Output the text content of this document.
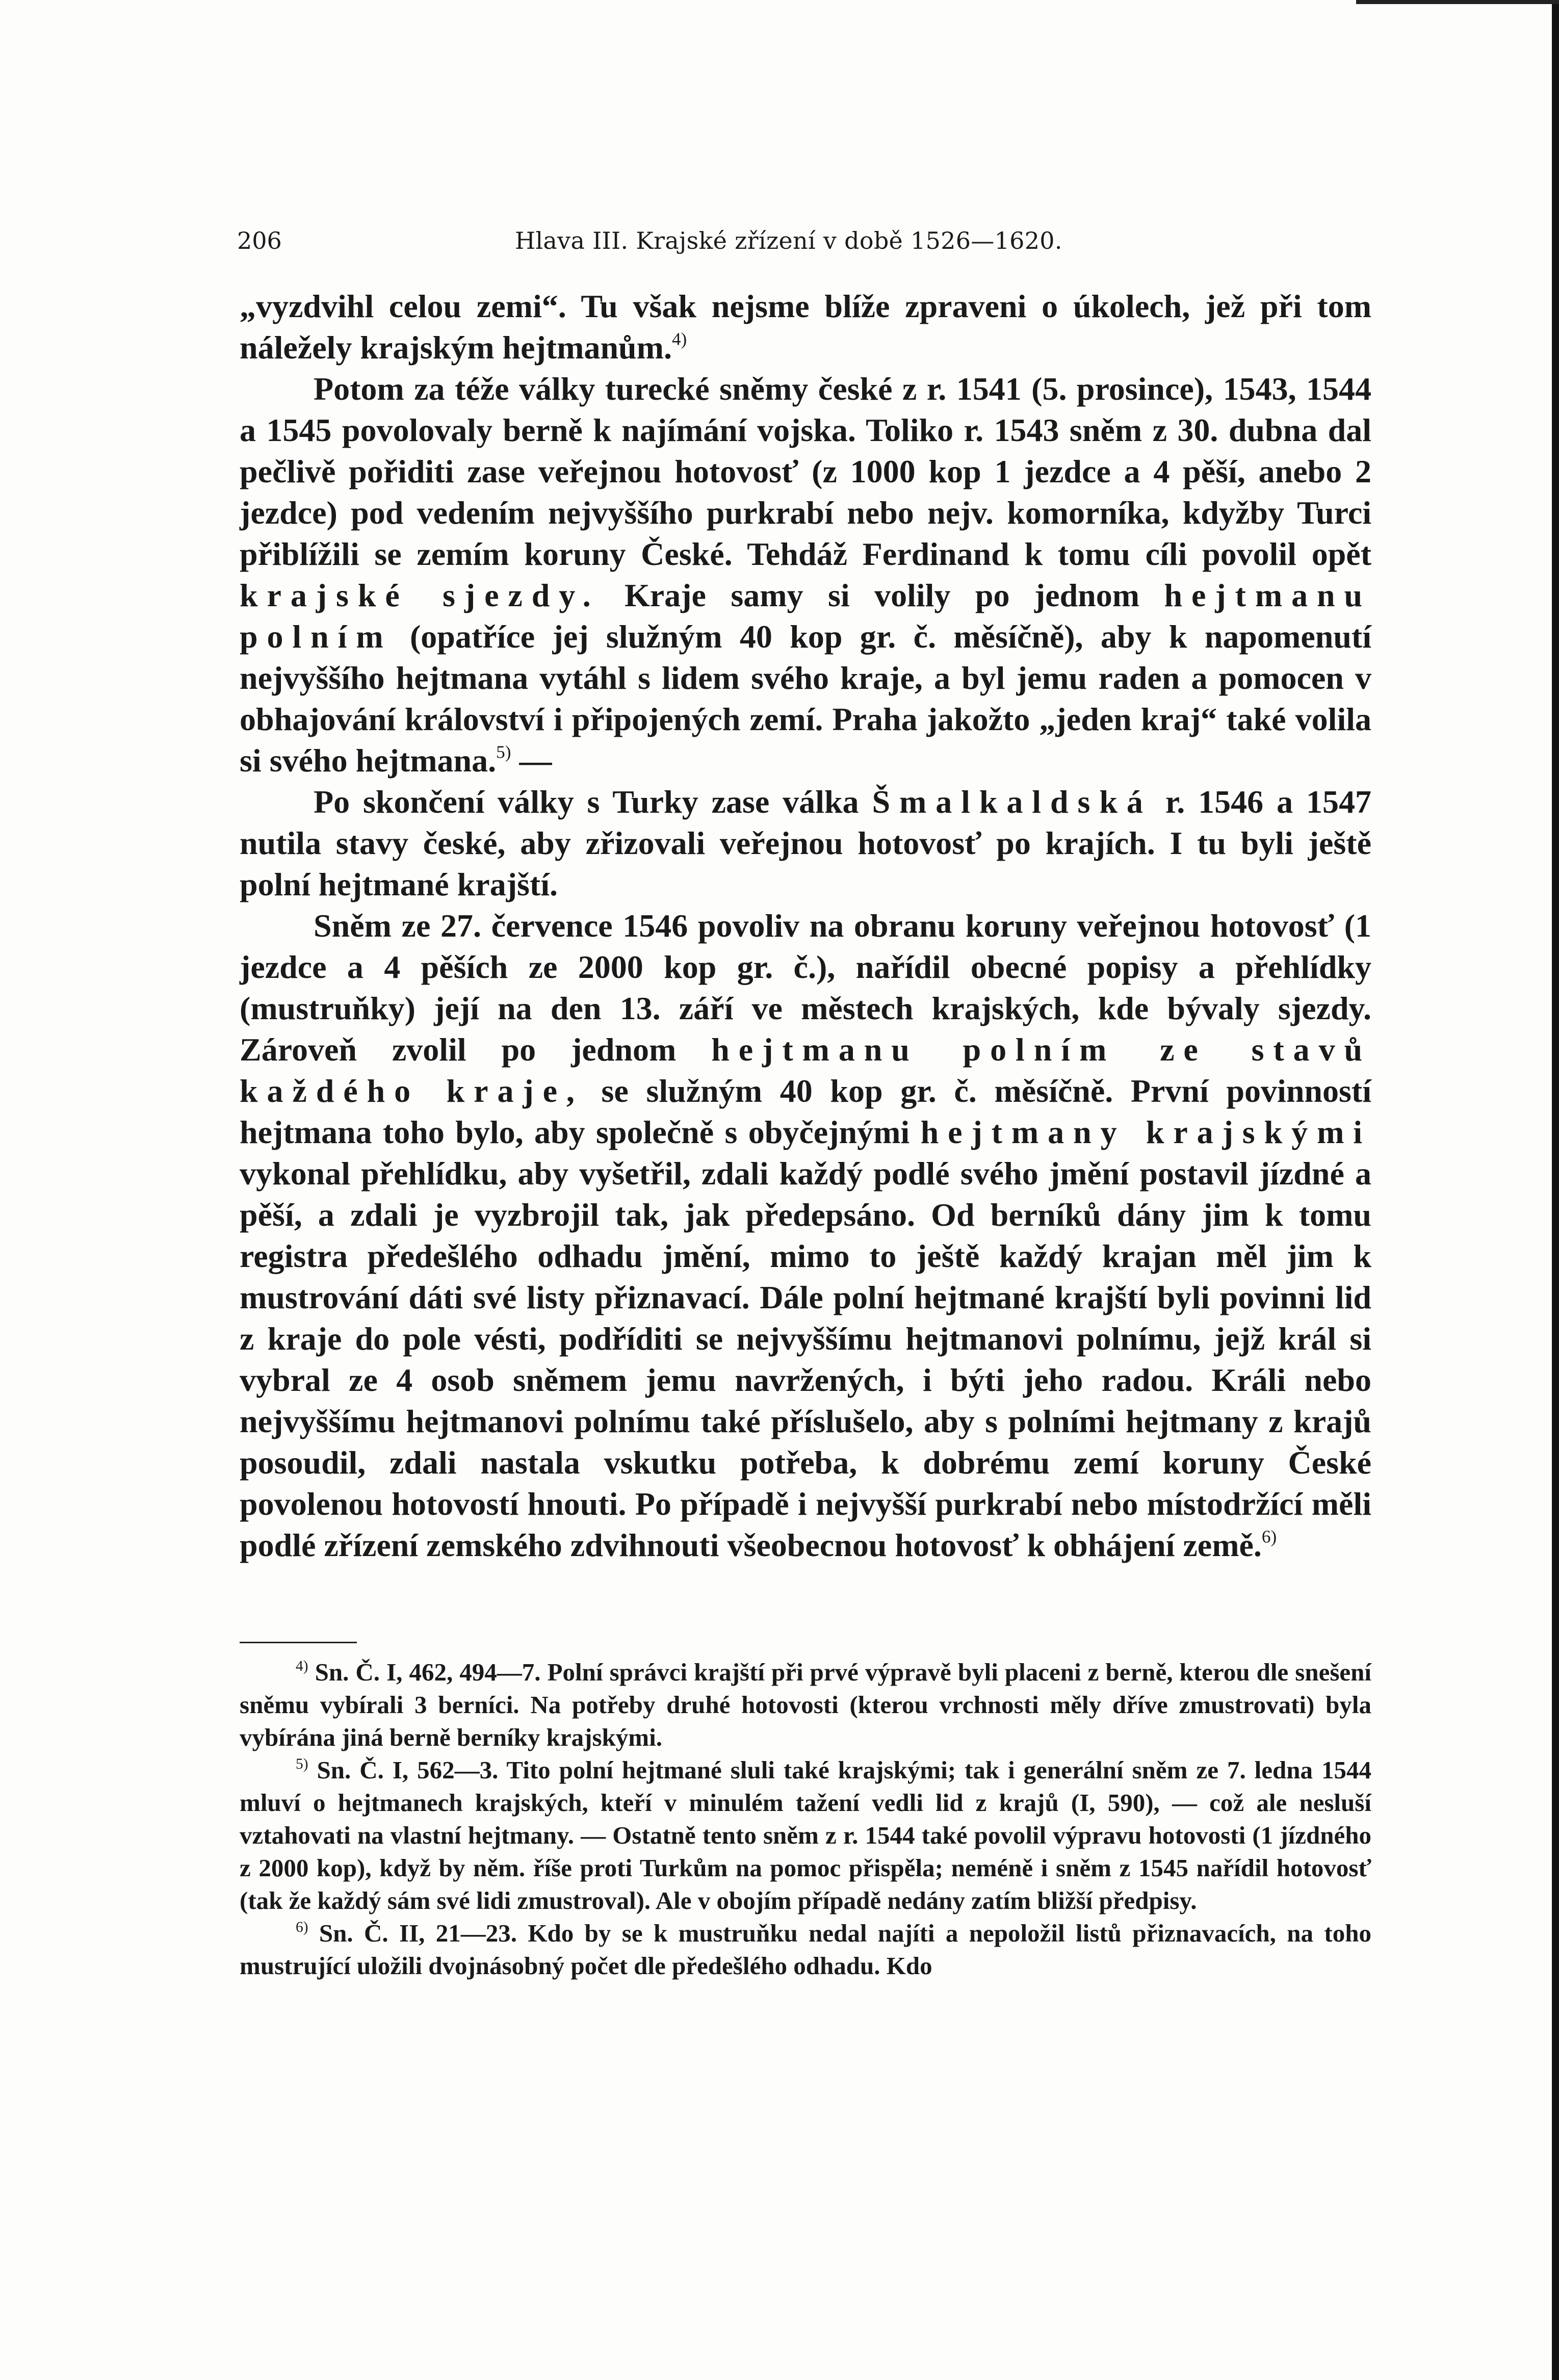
206	Hlava III. Krajské zřízení v době 1526—1620.

„vyzdvihl celou zemi“. Tu však nejsme blíže zpraveni o úkolech, jež při tom náležely krajským hejtmanům.$^{4)}$

Potom za téže války turecké sněmy české z r. 1541 (5. prosince), 1543, 1544 a 1545 povolovaly berně k najímání vojska. Toliko r. 1543 sněm z 30. dubna dal pečlivě pořiditi zase veřejnou hotovosť (z 1000 kop 1 jezdce a 4 pěší, anebo 2 jezdce) pod vedením nejvyššího purkrabí nebo nejv. komorníka, kdyžby Turci přiblížili se zemím koruny České. Tehdáž Ferdinand k tomu cíli povolil opět krajské sjezdy. Kraje samy si volily po jednom hejtmanu polním (opatříce jej služným 40 kop gr. č. měsíčně), aby k napomenutí nejvyššího hejtmana vytáhl s lidem svého kraje, a byl jemu raden a pomocen v obhajování království i připojených zemí. Praha jakožto „jeden kraj“ také volila si svého hejtmana.$^{5)}$ —

Po skončení války s Turky zase válka Šmalkaldská r. 1546 a 1547 nutila stavy české, aby zřizovali veřejnou hotovosť po krajích. I tu byli ještě polní hejtmané krajští.

Sněm ze 27. července 1546 povoliv na obranu koruny veřejnou hotovosť (1 jezdce a 4 pěších ze 2000 kop gr. č.), nařídil obecné popisy a přehlídky (mustruňky) její na den 13. září ve městech krajských, kde bývaly sjezdy. Zároveň zvolil po jednom hejtmanu polním ze stavů každého kraje, se služným 40 kop gr. č. měsíčně. První povinností hejtmana toho bylo, aby společně s obyčejnými hejtmany krajskými vykonal přehlídku, aby vyšetřil, zdali každý podlé svého jmění postavil jízdné a pěší, a zdali je vyzbrojil tak, jak předepsáno. Od berníků dány jim k tomu registra předešlého odhadu jmění, mimo to ještě každý krajan měl jim k mustrování dáti své listy přiznavací. Dále polní hejtmané krajští byli povinni lid z kraje do pole vésti, podříditi se nejvyššímu hejtmanovi polnímu, jejž král si vybral ze 4 osob sněmem jemu navržených, i býti jeho radou. Králi nebo nejvyššímu hejtmanovi polnímu také příslušelo, aby s polními hejtmany z krajů posoudil, zdali nastala vskutku potřeba, k dobrému zemí koruny České povolenou hotovostí hnouti. Po případě i nejvyšší purkrabí nebo místodržící měli podlé zřízení zemského zdvihnouti všeobecnou hotovosť k obhájení země.$^{6)}$

$^{4)}$ Sn. Č. I, 462, 494—7. Polní správci krajští při prvé výpravě byli placeni z berně, kterou dle snešení sněmu vybírali 3 berníci. Na potřeby druhé hotovosti (kterou vrchnosti měly dříve zmustrovati) byla vybírána jiná berně berníky krajskými.

$^{5)}$ Sn. Č. I, 562—3. Tito polní hejtmané sluli také krajskými; tak i generální sněm ze 7. ledna 1544 mluví o hejtmanech krajských, kteří v minulém tažení vedli lid z krajů (I, 590), — což ale nesluší vztahovati na vlastní hejtmany. — Ostatně tento sněm z r. 1544 také povolil výpravu hotovosti (1 jízdného z 2000 kop), když by něm. říše proti Turkům na pomoc přispěla; neméně i sněm z 1545 nařídil hotovosť (tak že každý sám své lidi zmustroval). Ale v obojím případě nedány zatím bližší předpisy.

$^{6)}$ Sn. Č. II, 21—23. Kdo by se k mustruňku nedal najíti a nepoložil listů přiznavacích, na toho mustrující uložili dvojnásobný počet dle předešlého odhadu. Kdo
